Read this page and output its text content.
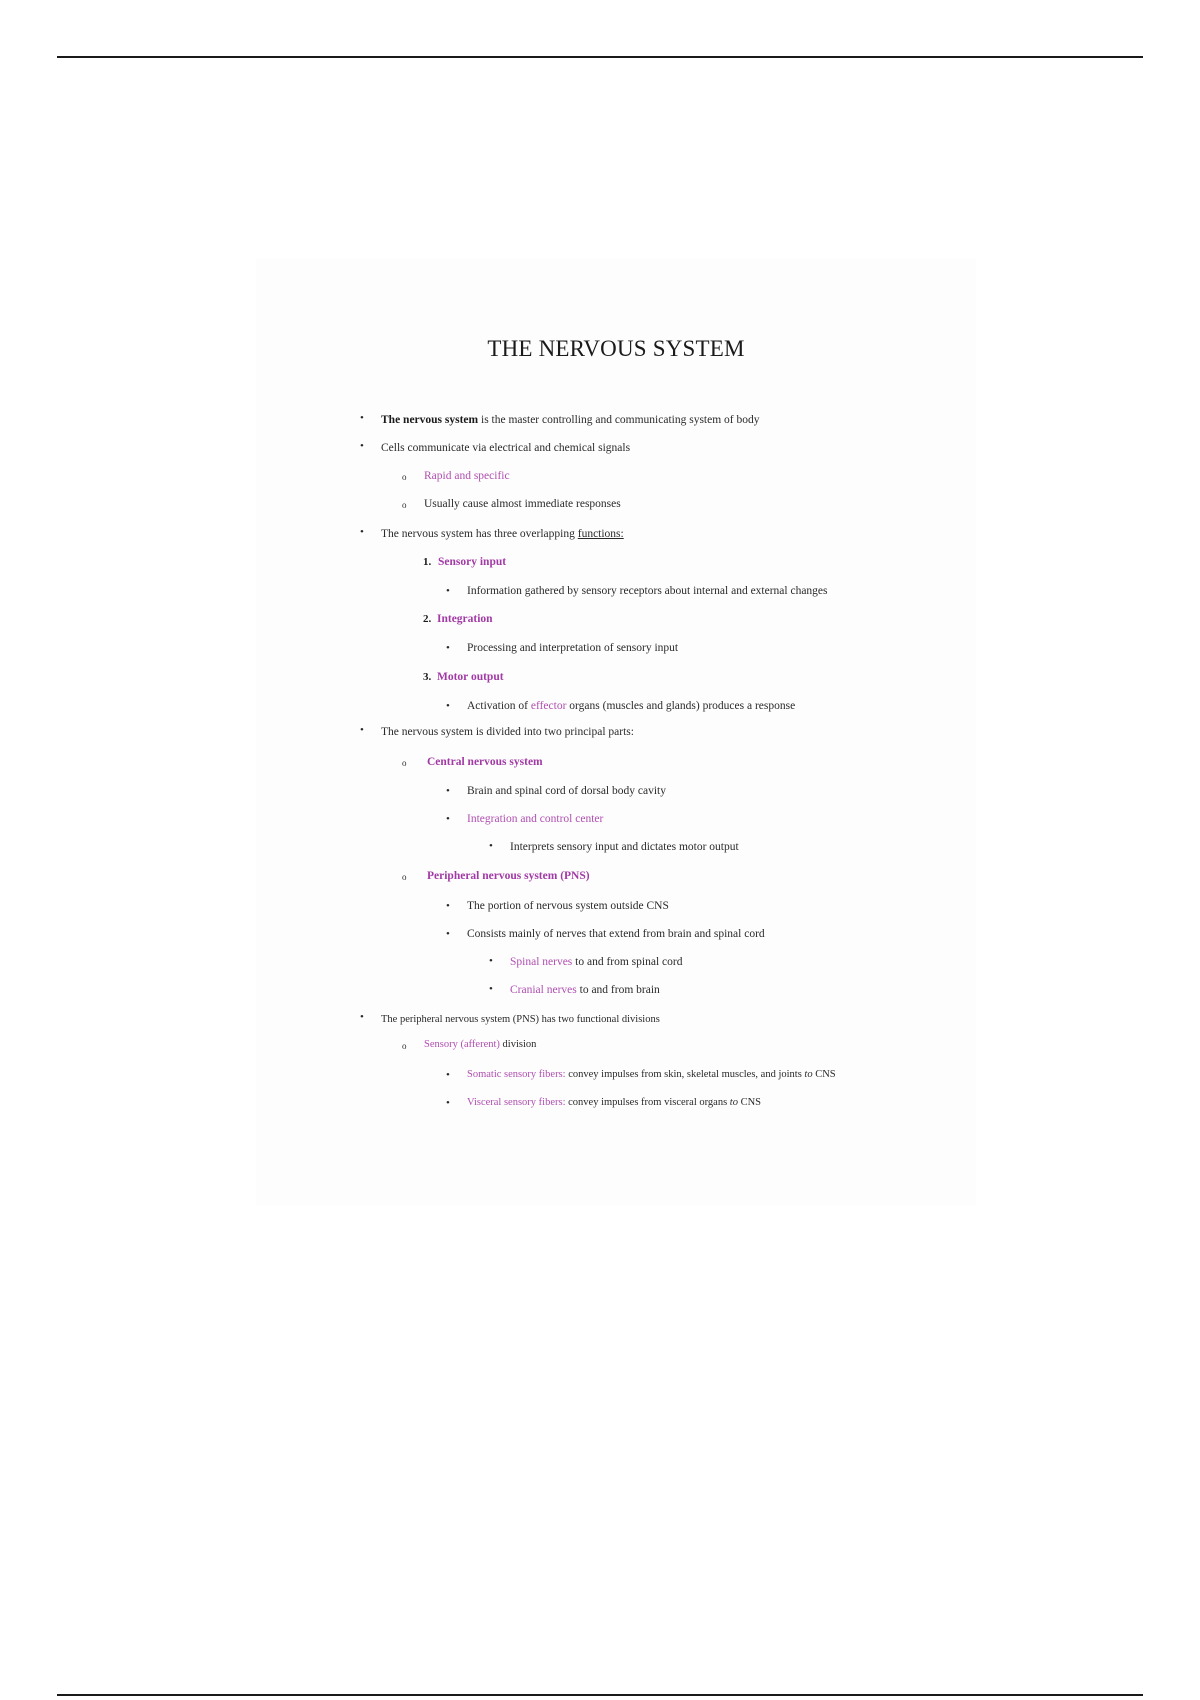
THE NERVOUS SYSTEM
• The nervous system is the master controlling and communicating system of body
• Cells communicate via electrical and chemical signals
o Rapid and specific
o Usually cause almost immediate responses
• The nervous system has three overlapping functions:
1. Sensory input
• Information gathered by sensory receptors about internal and external changes
2. Integration
• Processing and interpretation of sensory input
3. Motor output
• Activation of effector organs (muscles and glands) produces a response
• The nervous system is divided into two principal parts:
o Central nervous system
• Brain and spinal cord of dorsal body cavity
• Integration and control center
• Interprets sensory input and dictates motor output
o Peripheral nervous system (PNS)
• The portion of nervous system outside CNS
• Consists mainly of nerves that extend from brain and spinal cord
• Spinal nerves to and from spinal cord
• Cranial nerves to and from brain
• The peripheral nervous system (PNS) has two functional divisions
o Sensory (afferent) division
• Somatic sensory fibers: convey impulses from skin, skeletal muscles, and joints to CNS
• Visceral sensory fibers: convey impulses from visceral organs to CNS
